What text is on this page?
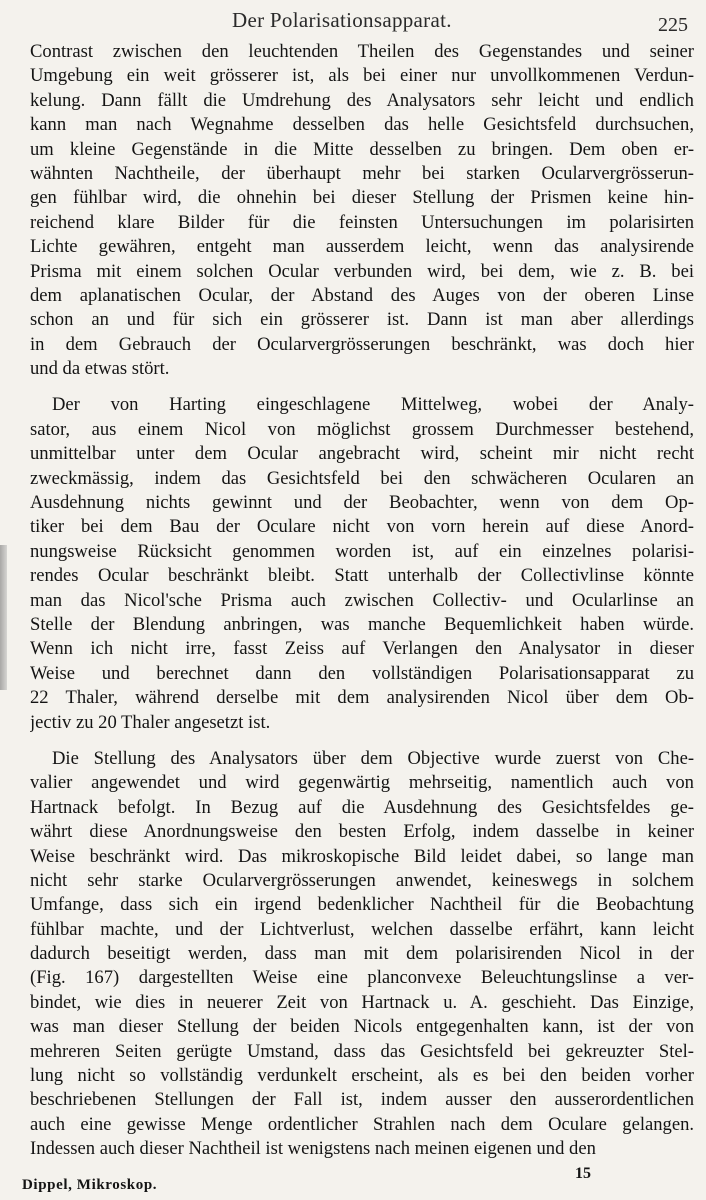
Der Polarisationsapparat.	225
Contrast zwischen den leuchtenden Theilen des Gegenstandes und seiner
Umgebung ein weit grösserer ist, als bei einer nur unvollkommenen Verdun-
kelung. Dann fällt die Umdrehung des Analysators sehr leicht und endlich
kann man nach Wegnahme desselben das helle Gesichtsfeld durchsuchen,
um kleine Gegenstände in die Mitte desselben zu bringen. Dem oben er-
wähnten Nachtheile, der überhaupt mehr bei starken Ocularvergrösserun-
gen fühlbar wird, die ohnehin bei dieser Stellung der Prismen keine hin-
reichend klare Bilder für die feinsten Untersuchungen im polarisirten
Lichte gewähren, entgeht man ausserdem leicht, wenn das analysirende
Prisma mit einem solchen Ocular verbunden wird, bei dem, wie z. B. bei
dem aplanatischen Ocular, der Abstand des Auges von der oberen Linse
schon an und für sich ein grösserer ist. Dann ist man aber allerdings
in dem Gebrauch der Ocularvergrösserungen beschränkt, was doch hier
und da etwas stört.
Der von Harting eingeschlagene Mittelweg, wobei der Analy-
sator, aus einem Nicol von möglichst grossem Durchmesser bestehend,
unmittelbar unter dem Ocular angebracht wird, scheint mir nicht recht
zweckmässig, indem das Gesichtsfeld bei den schwächeren Ocularen an
Ausdehnung nichts gewinnt und der Beobachter, wenn von dem Op-
tiker bei dem Bau der Oculare nicht von vorn herein auf diese Anord-
nungsweise Rücksicht genommen worden ist, auf ein einzelnes polarisi-
rendes Ocular beschränkt bleibt. Statt unterhalb der Collectivlinse könnte
man das Nicol'sche Prisma auch zwischen Collectiv- und Ocularlinse an
Stelle der Blendung anbringen, was manche Bequemlichkeit haben würde.
Wenn ich nicht irre, fasst Zeiss auf Verlangen den Analysator in dieser
Weise und berechnet dann den vollständigen Polarisationsapparat zu
22 Thaler, während derselbe mit dem analysirenden Nicol über dem Ob-
jectiv zu 20 Thaler angesetzt ist.
Die Stellung des Analysators über dem Objective wurde zuerst von Che-
valier angewendet und wird gegenwärtig mehrseitig, namentlich auch von
Hartnack befolgt. In Bezug auf die Ausdehnung des Gesichtsfeldes ge-
währt diese Anordnungsweise den besten Erfolg, indem dasselbe in keiner
Weise beschränkt wird. Das mikroskopische Bild leidet dabei, so lange man
nicht sehr starke Ocularvergrösserungen anwendet, keineswegs in solchem
Umfange, dass sich ein irgend bedenklicher Nachtheil für die Beobachtung
fühlbar machte, und der Lichtverlust, welchen dasselbe erfährt, kann leicht
dadurch beseitigt werden, dass man mit dem polarisirenden Nicol in der
(Fig. 167) dargestellten Weise eine planconvexe Beleuchtungslinse a ver-
bindet, wie dies in neuerer Zeit von Hartnack u. A. geschieht. Das Einzige,
was man dieser Stellung der beiden Nicols entgegenhalten kann, ist der von
mehreren Seiten gerügte Umstand, dass das Gesichtsfeld bei gekreuzter Stel-
lung nicht so vollständig verdunkelt erscheint, als es bei den beiden vorher
beschriebenen Stellungen der Fall ist, indem ausser den ausserordentlichen
auch eine gewisse Menge ordentlicher Strahlen nach dem Oculare gelangen.
Indessen auch dieser Nachtheil ist wenigstens nach meinen eigenen und den
Dippel, Mikroskop.
15
